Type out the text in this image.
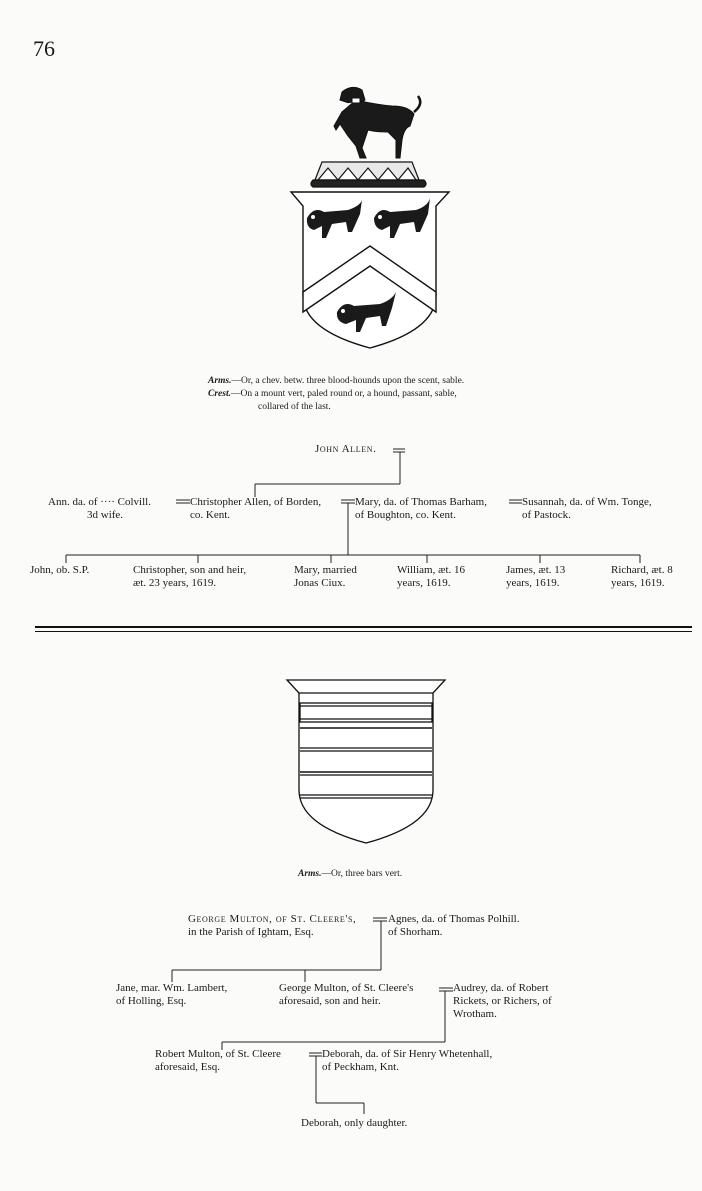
76
Arms.—Or, a chev. betw. three blood-hounds upon the scent, sable.
Crest.—On a mount vert, paled round or, a hound, passant, sable,
collared of the last.
John Allen.
Ann. da. of ···· Colvill.
3d wife.
Christopher Allen, of Borden,
co. Kent.
Mary, da. of Thomas Barham,
of Boughton, co. Kent.
Susannah, da. of Wm. Tonge,
of Pastock.
John, ob. S.P.	Christopher, son and heir,
æt. 23 years, 1619.
Mary, married
Jonas Ciux.
William, æt. 16
years, 1619.
James, æt. 13
years, 1619.
Richard, æt. 8
years, 1619.
Arms.—Or, three bars vert.
George Multon, of St. Cleere's,
in the Parish of Ightam, Esq.
Agnes, da. of Thomas Polhill.
of Shorham.
Jane, mar. Wm. Lambert,
of Holling, Esq.
George Multon, of St. Cleere's
aforesaid, son and heir.
Audrey, da. of Robert
Rickets, or Richers, of
Wrotham.
Robert Multon, of St. Cleere
aforesaid, Esq.
Deborah, da. of Sir Henry Whetenhall,
of Peckham, Knt.
Deborah, only daughter.
